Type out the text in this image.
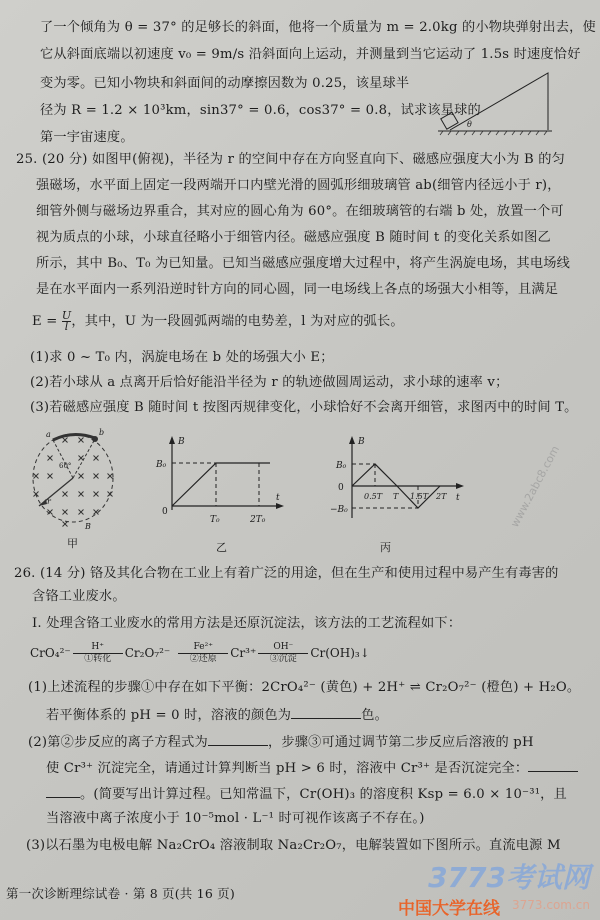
了一个倾角为 θ = 37° 的足够长的斜面，他将一个质量为 m = 2.0kg 的小物块弹射出去，使
它从斜面底端以初速度 v₀ = 9m/s 沿斜面向上运动，并测量到当它运动了 1.5s 时速度恰好
变为零。已知小物块和斜面间的动摩擦因数为 0.25，该星球半
径为 R = 1.2 × 10³km，sin37° = 0.6，cos37° = 0.8，试求该星球的
第一宇宙速度。
θ
25. (20 分) 如图甲(俯视)，半径为 r 的空间中存在方向竖直向下、磁感应强度大小为 B 的匀
强磁场，水平面上固定一段两端开口内壁光滑的圆弧形细玻璃管 ab(细管内径远小于 r)，
细管外侧与磁场边界重合，其对应的圆心角为 60°。在细玻璃管的右端 b 处，放置一个可
视为质点的小球，小球直径略小于细管内径。磁感应强度 B 随时间 t 的变化关系如图乙
所示，其中 B₀、T₀ 为已知量。已知当磁感应强度增大过程中，将产生涡旋电场，其电场线
是在水平面内一系列沿逆时针方向的同心圆，同一电场线上各点的场强大小相等，且满足
$E = \frac{U}{l}$ ，其中，U 为一段圆弧两端的电势差，l 为对应的弧长。
(1)求 0 ~ T₀ 内，涡旋电场在 b 处的场强大小 E；
(2)若小球从 a 点离开后恰好能沿半径为 r 的轨迹做圆周运动，求小球的速率 v；
(3)若磁感应强度 B 随时间 t 按图丙规律变化，小球恰好不会离开细管，求图丙中的时间 T。
a	b
60°
r
B
甲
B
t
0
B₀
T₀	2T₀
乙
B
t
0
B₀
−B₀
0.5T T 1.5T 2T
丙
26. (14 分) 铬及其化合物在工业上有着广泛的用途，但在生产和使用过程中易产生有毒害的
含铬工业废水。
Ⅰ. 处理含铬工业废水的常用方法是还原沉淀法，该方法的工艺流程如下：
CrO₄²⁻ H⁺
①转化 Cr₂O₇²⁻	Fe²⁺
②还原 Cr³⁺ OH⁻
③沉淀 Cr(OH)₃↓
(1)上述流程的步骤①中存在如下平衡：2CrO₄²⁻ (黄色) + 2H⁺ ⇌ Cr₂O₇²⁻ (橙色) + H₂O。
若平衡体系的 pH = 0 时，溶液的颜色为	色。
(2)第②步反应的离子方程式为	，步骤③可通过调节第二步反应后溶液的 pH
使 Cr³⁺ 沉淀完全，请通过计算判断当 pH > 6 时，溶液中 Cr³⁺ 是否沉淀完全：
。(简要写出计算过程。已知常温下，Cr(OH)₃ 的溶度积 Ksp = 6.0 × 10⁻³¹，且
当溶液中离子浓度小于 10⁻⁵mol · L⁻¹ 时可视作该离子不存在。)
(3)以石墨为电极电解 Na₂CrO₄ 溶液制取 Na₂Cr₂O₇，电解装置如下图所示。直流电源 M
第一次诊断理综试卷 · 第 8 页(共 16 页)
www.2abc8.com
3773考试网
中国大学在线 3773.com.cn
